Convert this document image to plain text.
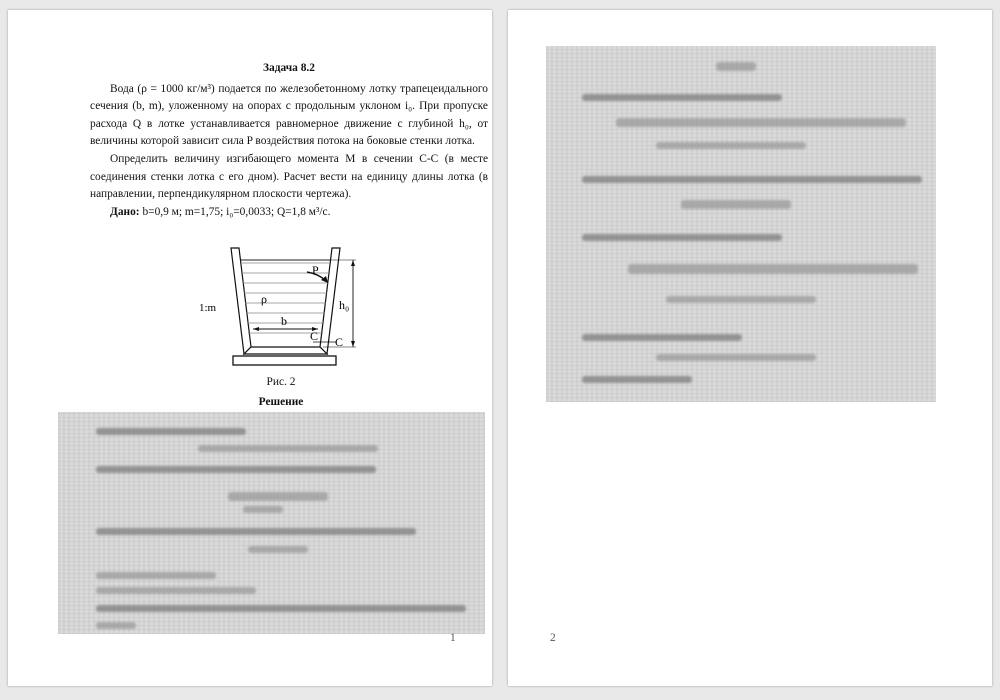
Задача 8.2

Вода (ρ = 1000 кг/м³) подается по железобетонному лотку трапецеидального сечения (b, m), уложенному на опорах с продольным уклоном i₀. При пропуске расхода Q в лотке устанавливается равномерное движение с глубиной h₀, от величины которой зависит сила P воздействия потока на боковые стенки лотка.

Определить величину изгибающего момента M в сечении C-C (в месте соединения стенки лотка с его дном). Расчет вести на единицу длины лотка (в направлении, перпендикулярном плоскости чертежа).

Дано: b=0,9 м; m=1,75; i₀=0,0033; Q=1,8 м³/с.

1:m
ρ
P
b
h₀
C C
Рис. 2
Решение
1	2
